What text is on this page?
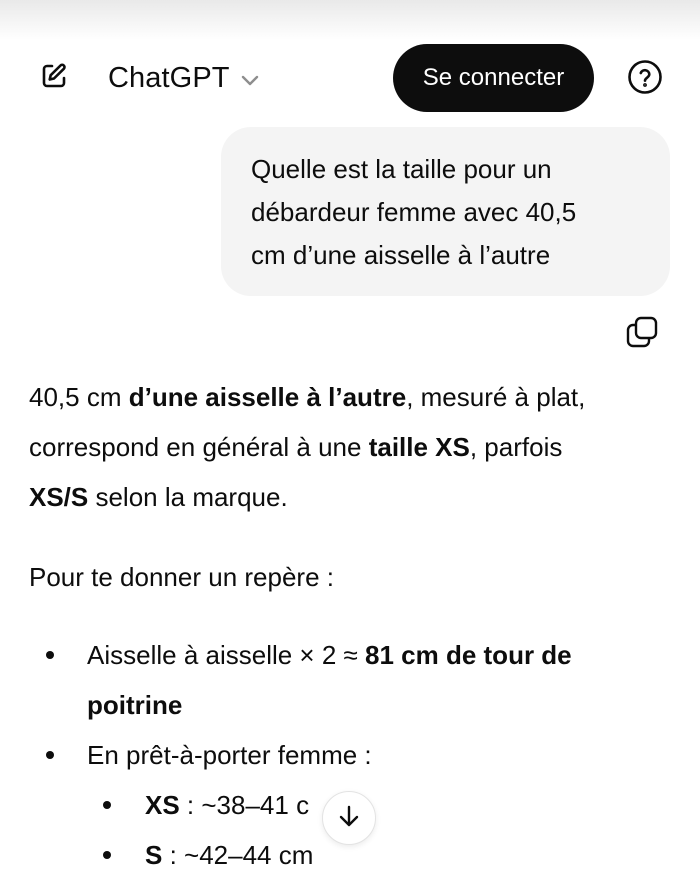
ChatGPT	Se connecter
Quelle est la taille pour un
débardeur femme avec 40,5
cm d’une aisselle à l’autre
40,5 cm d’une aisselle à l’autre, mesuré à plat,
correspond en général à une taille XS, parfois
XS/S selon la marque.
Pour te donner un repère :
Aisselle à aisselle × 2 ≈ 81 cm de tour de
poitrine
En prêt-à-porter femme :
XS : ~38–41 c
S : ~42–44 cm
